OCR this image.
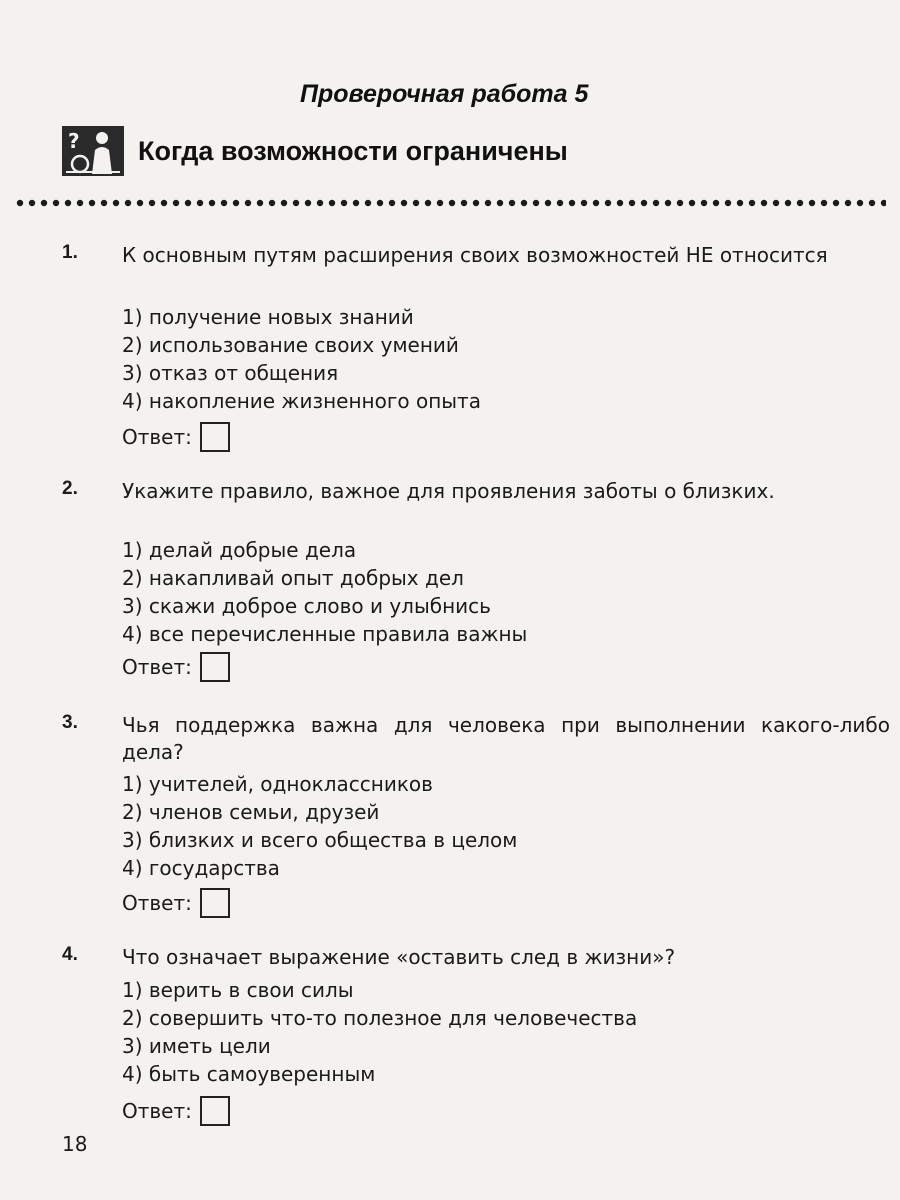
Проверочная работа 5
? Когда возможности ограничены
1. К основным путям расширения своих возможностей НЕ относится
1) получение новых знаний
2) использование своих умений
3) отказ от общения
4) накопление жизненного опыта
Ответ:
2. Укажите правило, важное для проявления заботы о близких.
1) делай добрые дела
2) накапливай опыт добрых дел
3) скажи доброе слово и улыбнись
4) все перечисленные правила важны
Ответ:
3. Чья поддержка важна для человека при выполнении какого-либо дела?
1) учителей, одноклассников
2) членов семьи, друзей
3) близких и всего общества в целом
4) государства
Ответ:
4. Что означает выражение «оставить след в жизни»?
1) верить в свои силы
2) совершить что-то полезное для человечества
3) иметь цели
4) быть самоуверенным
Ответ:
18
